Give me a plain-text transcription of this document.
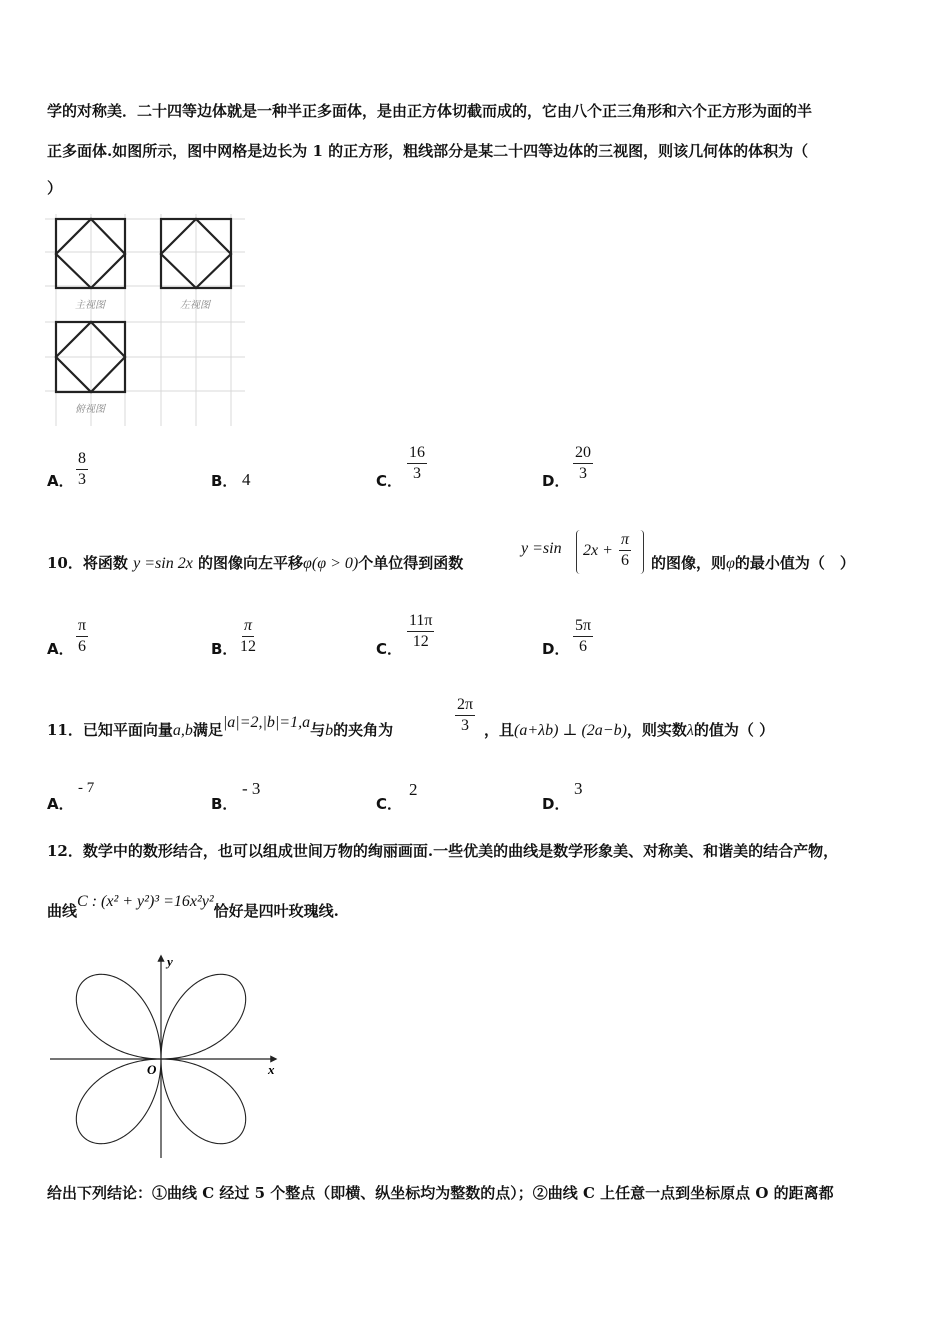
学的对称美．二十四等边体就是一种半正多面体，是由正方体切截而成的，它由八个正三角形和六个正方形为面的半
正多面体.如图所示，图中网格是边长为 1 的正方形，粗线部分是某二十四等边体的三视图，则该几何体的体积为（
）
主视图	左视图
俯视图
A． $\frac{8}{3}$	B． 4	C． $\frac{16}{3}$	D． $\frac{20}{3}$
10．将函数 y =sin 2x 的图像向左平移φ(φ > 0)个单位得到函数
y =sin $2x + \frac{\pi}{6}$ 的图像，则φ的最小值为（　）
A． $\frac{\pi}{6}$	B． $\frac{\pi}{12}$	C． $\frac{11\pi}{12}$	D． $\frac{5\pi}{6}$
11．已知平面向量a,b满足|a|=2,|b|=1,a与b的夹角为	$\frac{2\pi}{3}$ ，且(a+λb) ⊥ (2a−b)，则实数λ的值为（ ）
A．
- 7
B．
- 3
C．
2
D．
3
12．数学中的数形结合，也可以组成世间万物的绚丽画面.一些优美的曲线是数学形象美、对称美、和谐美的结合产物，
曲线C : (x² + y²)³ =16x²y²恰好是四叶玫瑰线.
x
y
O
给出下列结论：①曲线 C 经过 5 个整点（即横、纵坐标均为整数的点）；②曲线 C 上任意一点到坐标原点 O 的距离都
